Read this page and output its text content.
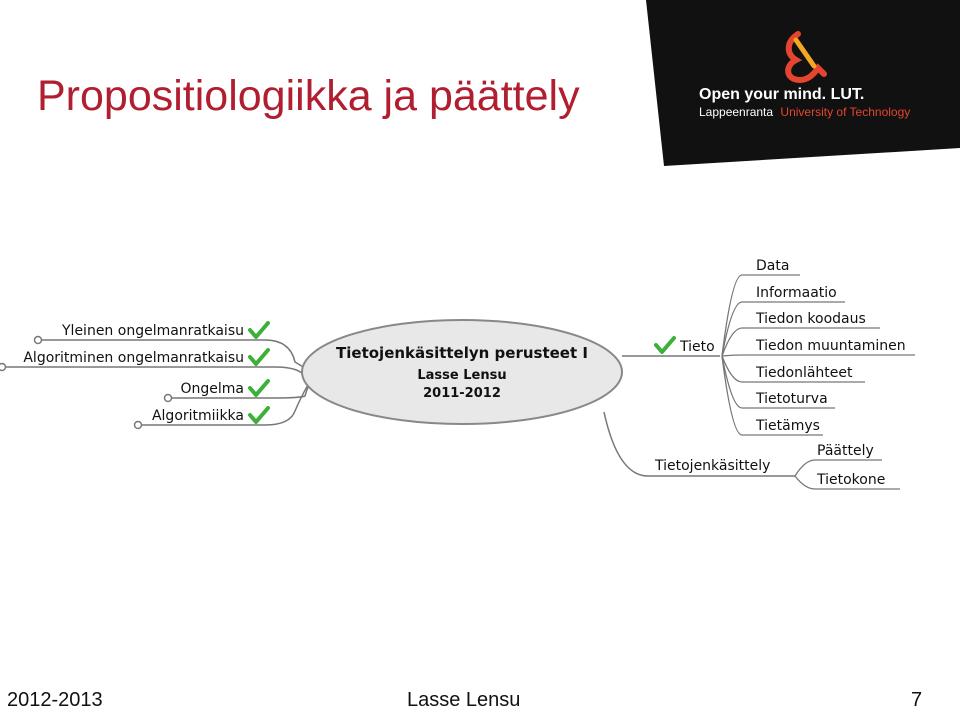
Propositiologiikka ja päättely	Open your mind. LUT.
Lappeenranta University of Technology
Yleinen ongelmanratkaisu
Algoritminen ongelmanratkaisu
Ongelma
Algoritmiikka
Tietojenkäsittelyn perusteet I
Lasse Lensu
2011-2012
Tieto
Data
Informaatio
Tiedon koodaus
Tiedon muuntaminen
Tiedonlähteet
Tietoturva
Tietämys
Tietojenkäsittely
Päättely
Tietokone
2012-2013	Lasse Lensu	7
